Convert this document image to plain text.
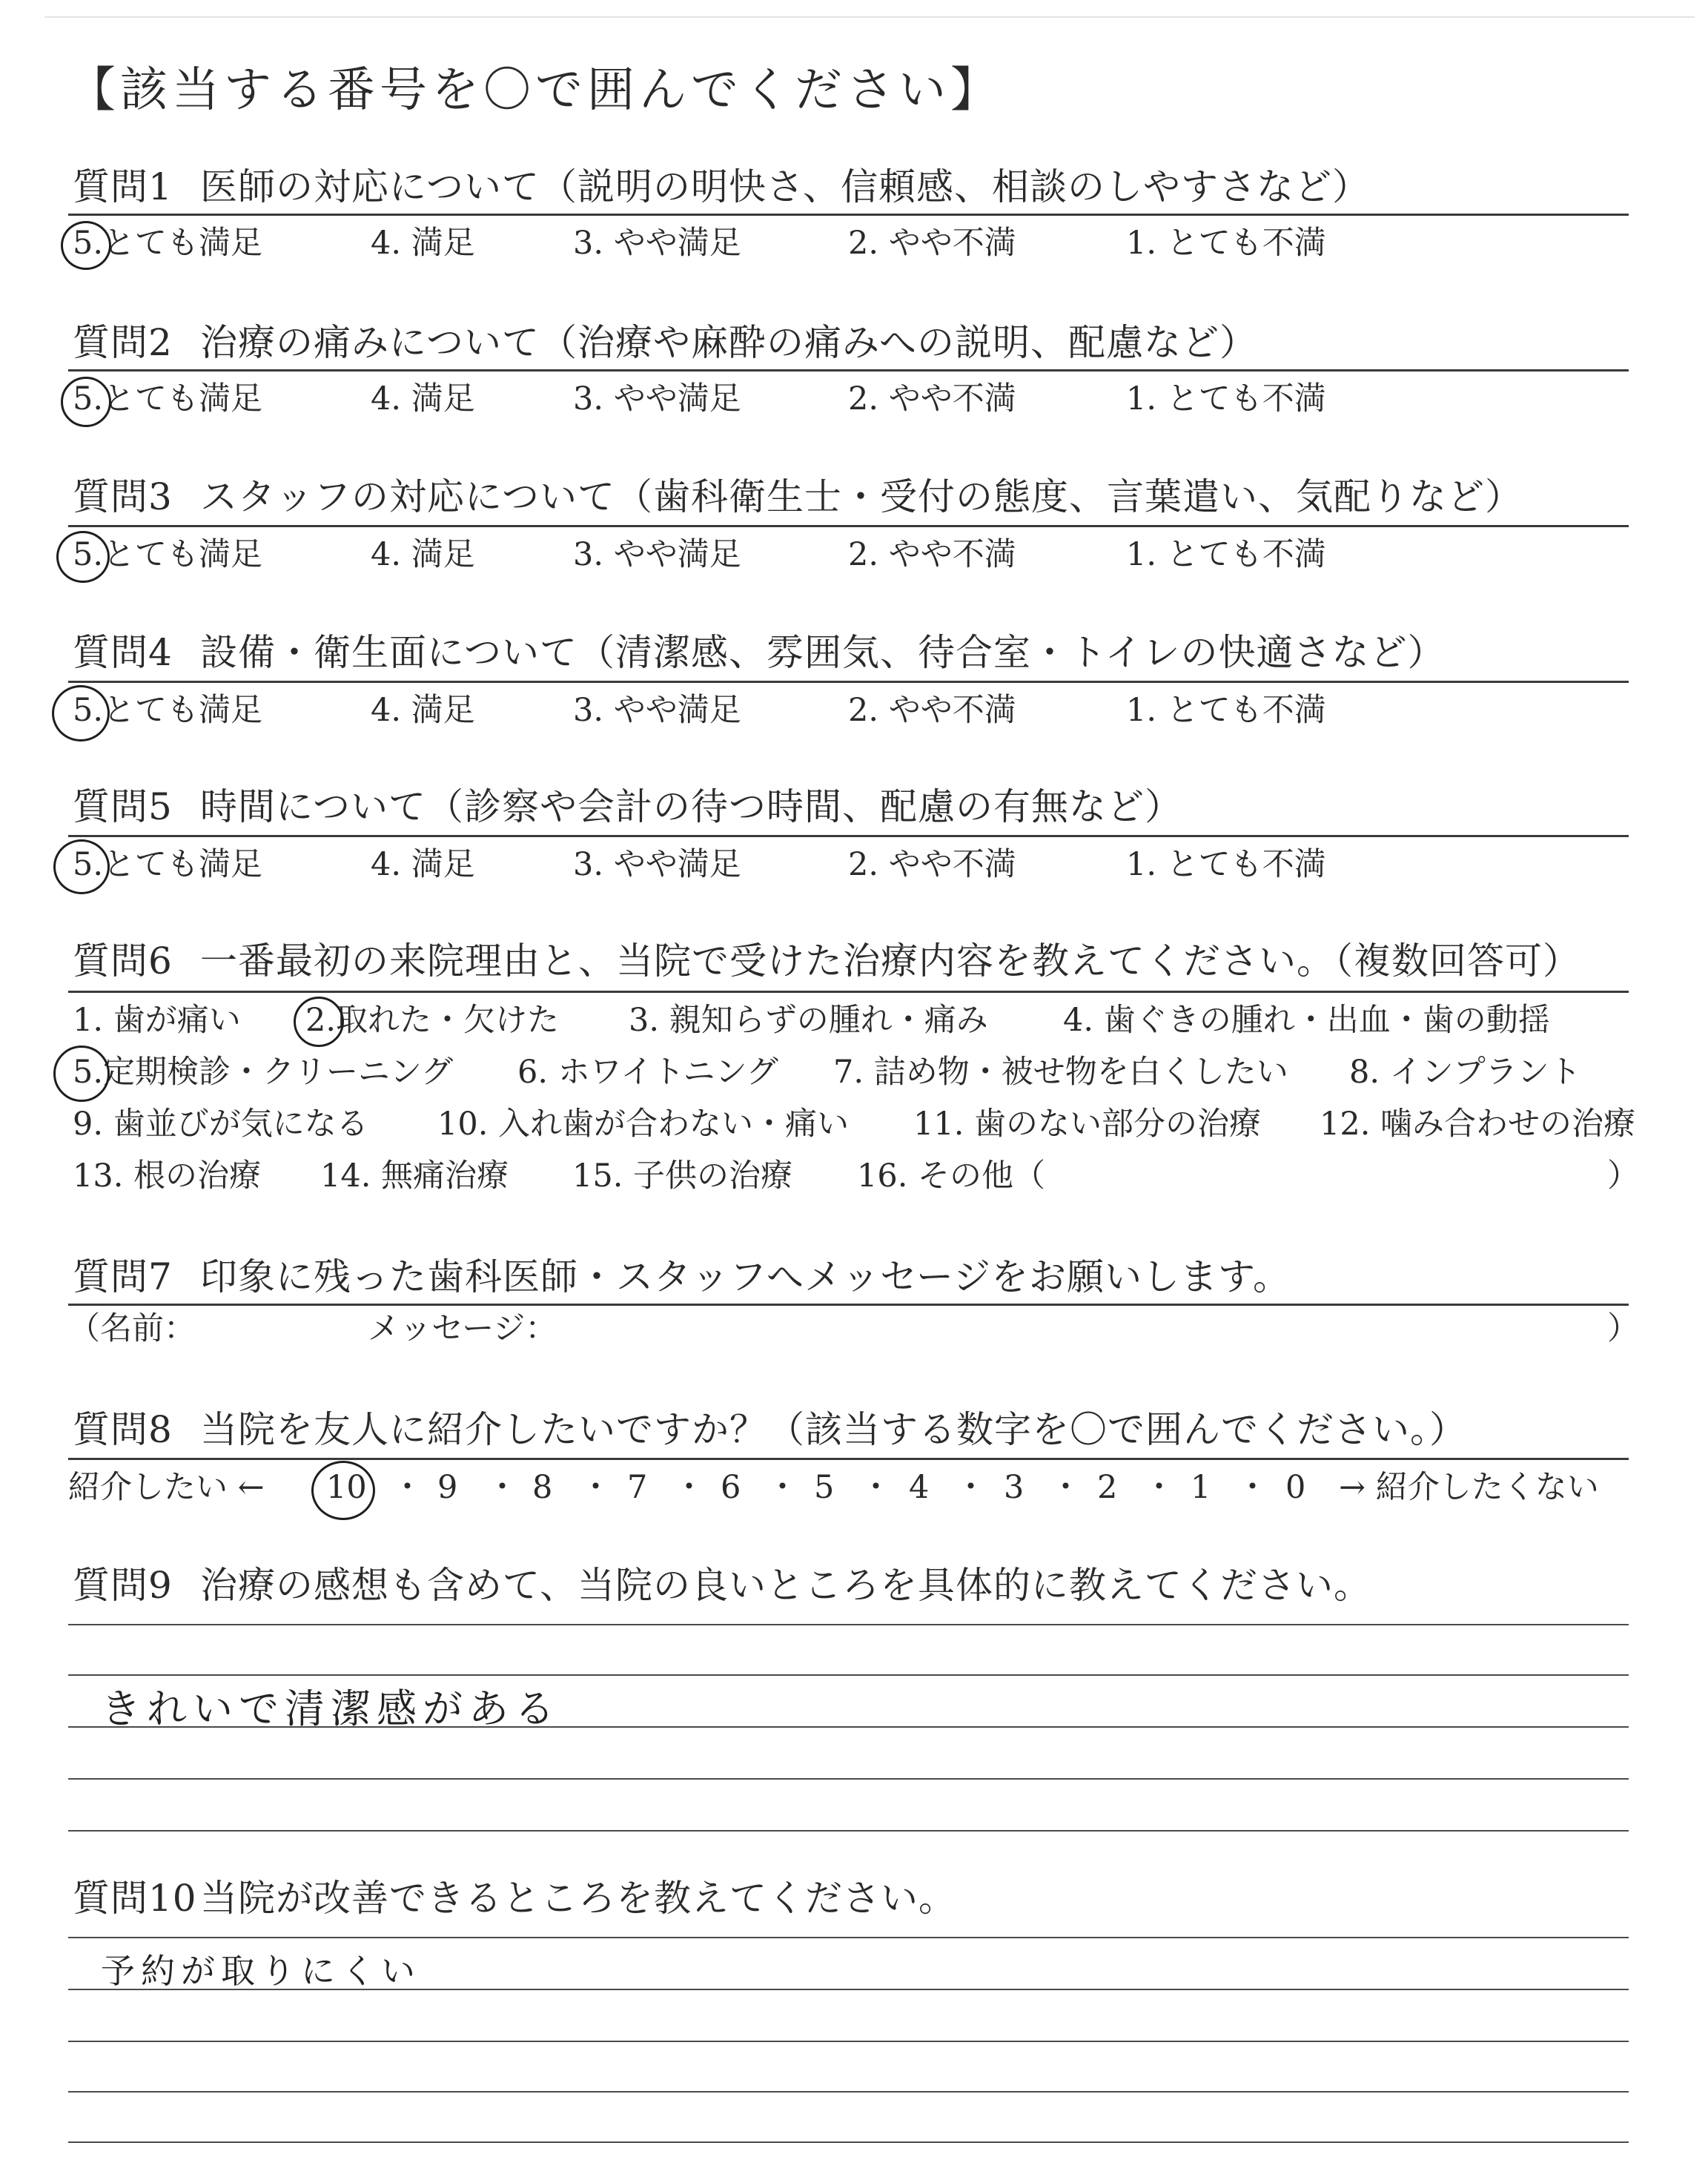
【該当する番号を〇で囲んでください】
質問1 医師の対応について（説明の明快さ、信頼感、相談のしやすさなど）
5.とても満足	4. 満足	3. やや満足	2. やや不満	1. とても不満
質問2 治療の痛みについて（治療や麻酔の痛みへの説明、配慮など）
5.とても満足	4. 満足	3. やや満足	2. やや不満	1. とても不満
質問3 スタッフの対応について（歯科衛生士・受付の態度、言葉遣い、気配りなど）
5.とても満足	4. 満足	3. やや満足	2. やや不満	1. とても不満
質問4 設備・衛生面について（清潔感、雰囲気、待合室・トイレの快適さなど）
5.とても満足	4. 満足	3. やや満足	2. やや不満	1. とても不満
質問5 時間について（診察や会計の待つ時間、配慮の有無など）
5.とても満足	4. 満足	3. やや満足	2. やや不満	1. とても不満
質問6 一番最初の来院理由と、当院で受けた治療内容を教えてください。（複数回答可）
1. 歯が痛い 2.取れた・欠けた 3. 親知らずの腫れ・痛み 4. 歯ぐきの腫れ・出血・歯の動揺
5.定期検診・クリーニング 6. ホワイトニング 7. 詰め物・被せ物を白くしたい 8. インプラント
9. 歯並びが気になる 10. 入れ歯が合わない・痛い 11. 歯のない部分の治療 12. 噛み合わせの治療
13. 根の治療 14. 無痛治療 15. 子供の治療 16. その他（	）
質問7 印象に残った歯科医師・スタッフへメッセージをお願いします。
（名前：	メッセージ：	）
質問8 当院を友人に紹介したいですか？（該当する数字を〇で囲んでください。）
紹介したい ← 10 ・ 9 ・ 8 ・ 7 ・ 6 ・ 5 ・ 4 ・ 3 ・ 2 ・ 1 ・ 0 → 紹介したくない
質問9 治療の感想も含めて、当院の良いところを具体的に教えてください。
きれいで清潔感がある
質問10当院が改善できるところを教えてください。
予約が取りにくい
